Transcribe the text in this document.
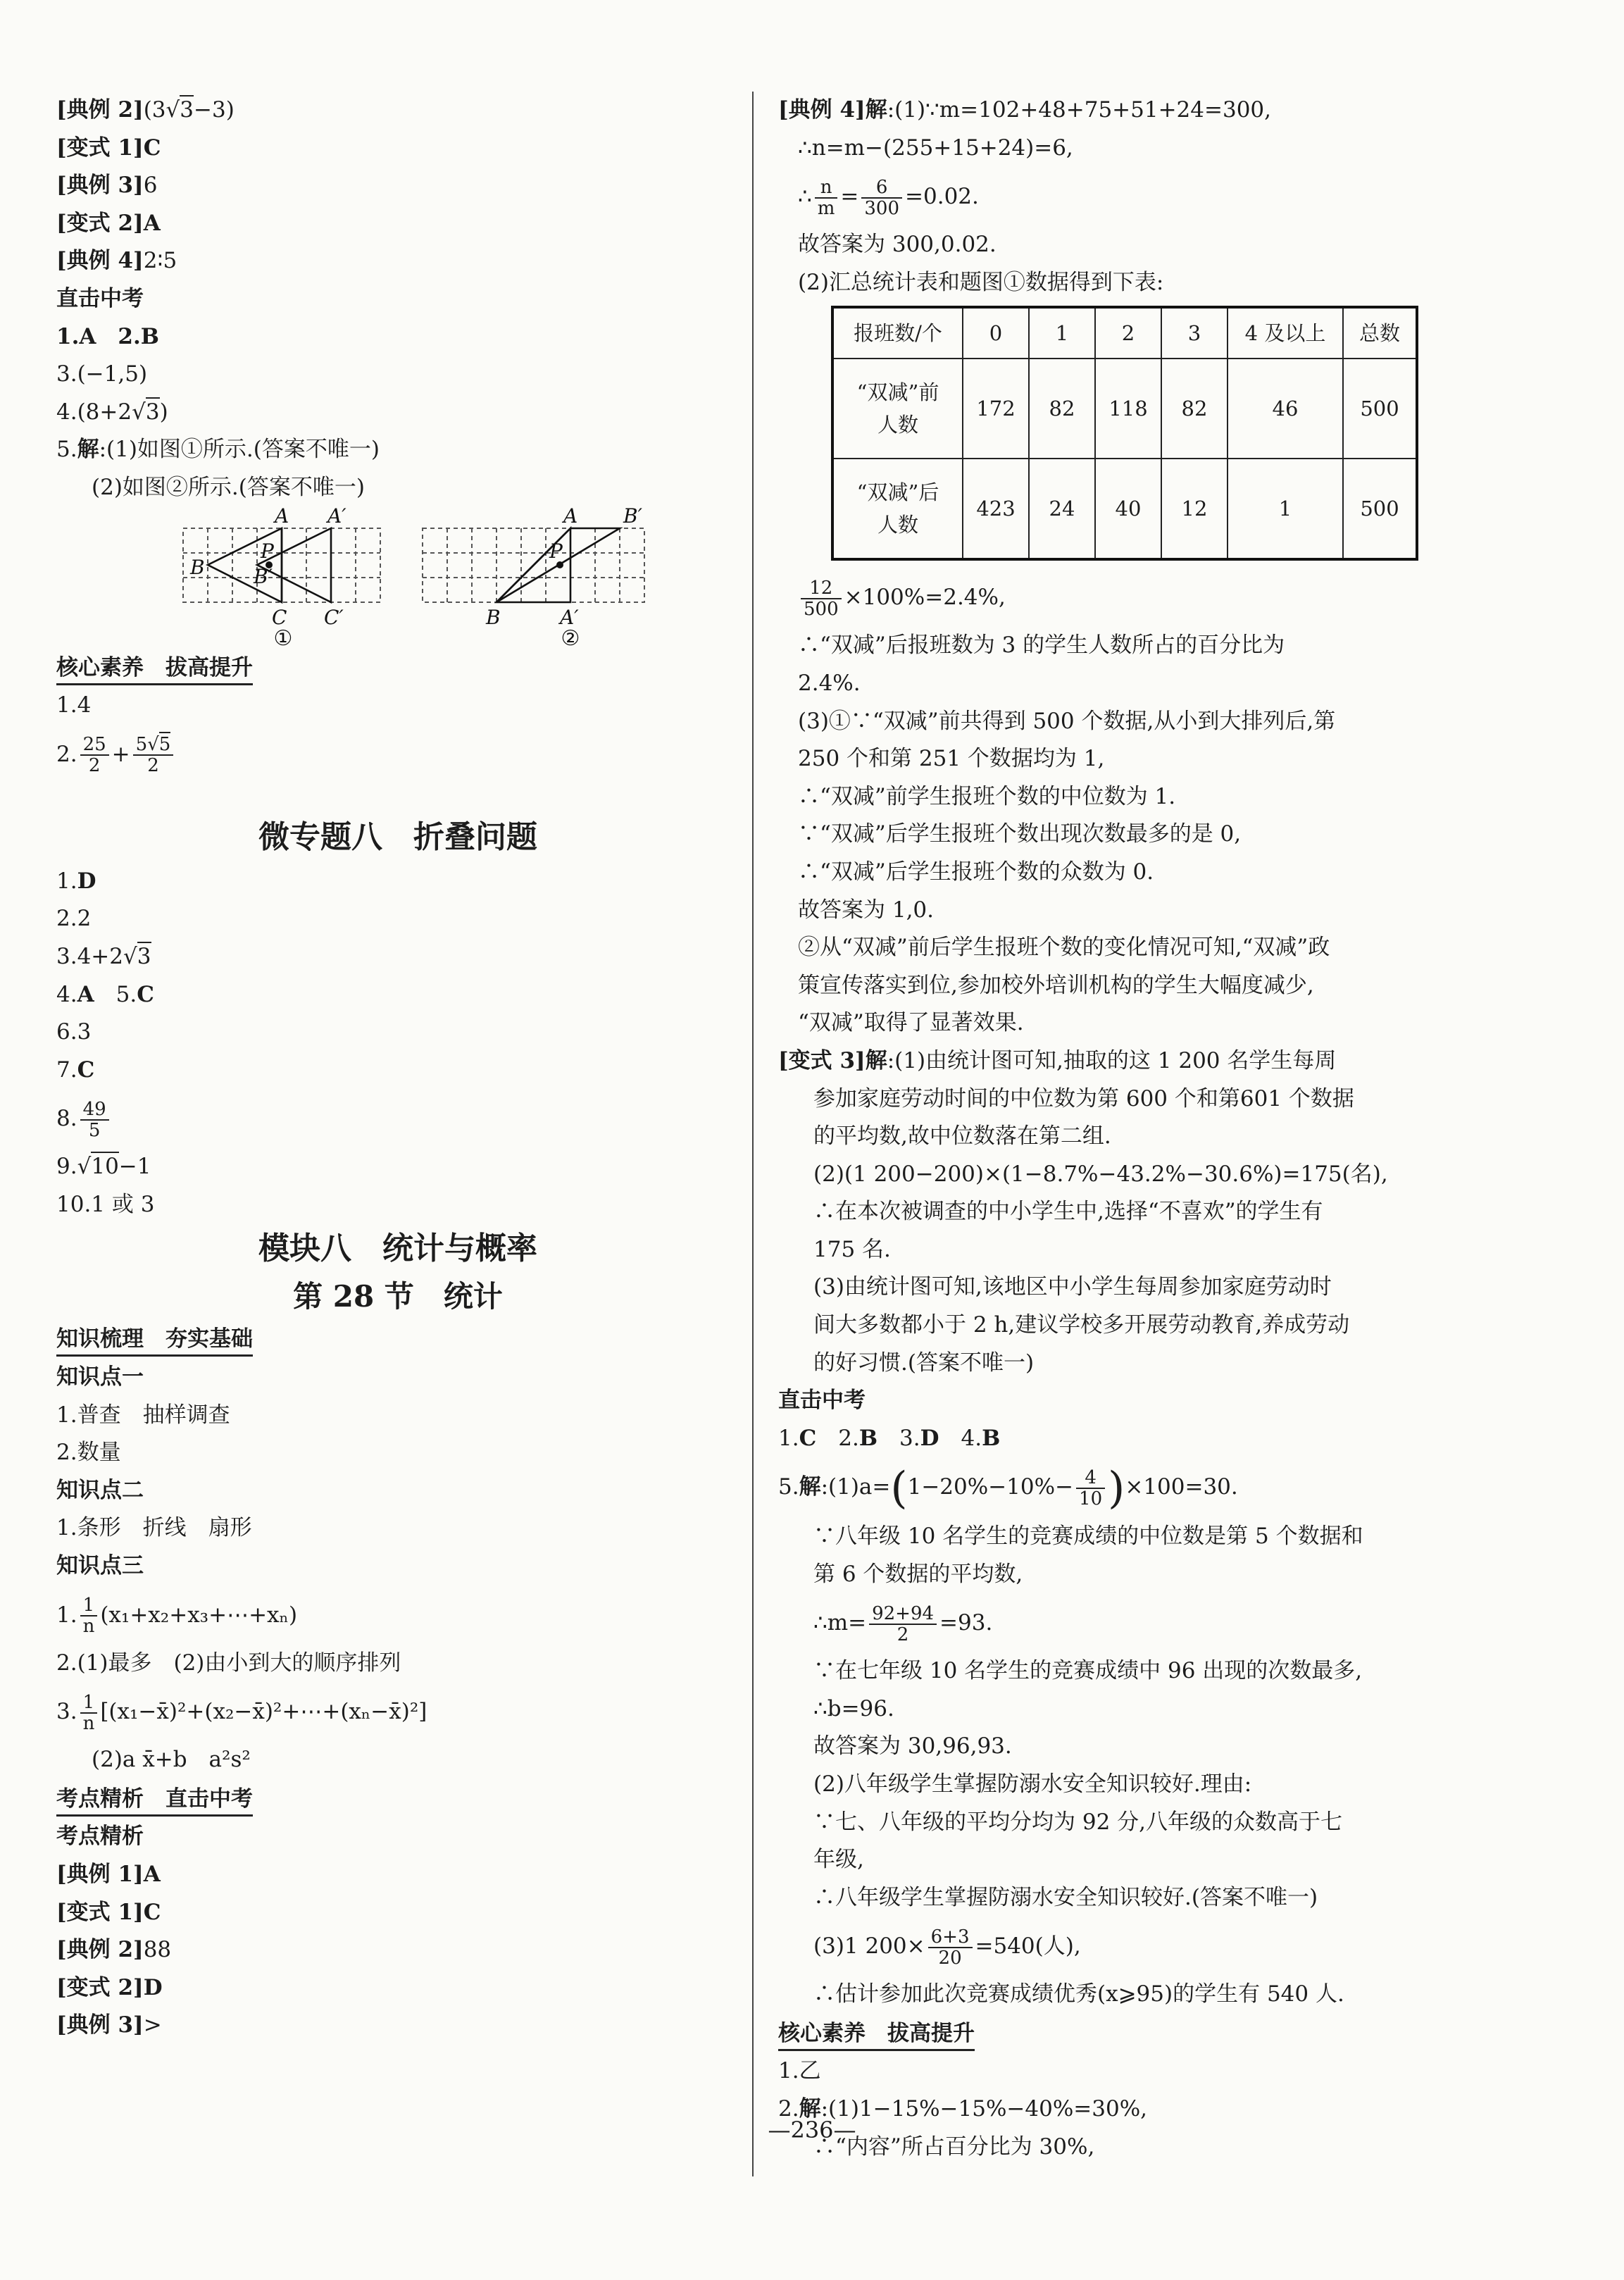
[典例 2](3√3−3)
[变式 1]C
[典例 3]6
[变式 2]A
[典例 4]2∶5
直击中考
1.A　2.B
3.(−1,5)
4.(8+2√3)
5.解:(1)如图①所示.(答案不唯一)
(2)如图②所示.(答案不唯一)
A A′
B
P
B′
C C′
①
A B′
P
B	A′
②
核心素养　拔高提升
1.4
2. $\frac{25}{2} + \frac{5√5}{2}$
微专题八　折叠问题
1.D
2.2
3.4+2√3
4.A　5.C
6.3
7.C
8. $\frac{49}{5}$
9.√10−1
10.1 或 3
模块八　统计与概率
第 28 节　统计
知识梳理　夯实基础
知识点一
1.普查　抽样调查
2.数量
知识点二
1.条形　折线　扇形
知识点三
1. $\frac{1}{n}$ (x₁+x₂+x₃+⋯+xₙ)
2.(1)最多　(2)由小到大的顺序排列
3. $\frac{1}{n}$ [(x₁−x̄)²+(x₂−x̄)²+⋯+(xₙ−x̄)²]
(2)a x̄+b　a²s²
考点精析　直击中考
考点精析
[典例 1]A
[变式 1]C
[典例 2]88
[变式 2]D
[典例 3]>
[典例 4]解:(1)∵m=102+48+75+51+24=300,
∴n=m−(255+15+24)=6,
∴ $\frac{n}{m} = \frac{6}{300} =0.02$.
故答案为 300,0.02.
(2)汇总统计表和题图①数据得到下表:
报班数/个	0	1	2	3	4 及以上	总数
“双减”前
人数	172	82	118	82	46	500
“双减”后
人数	423	24	40	12	1	500
$\frac{12}{500} \times 100\%=2.4\%$,
∴“双减”后报班数为 3 的学生人数所占的百分比为
2.4%.
(3)①∵“双减”前共得到 500 个数据,从小到大排列后,第
250 个和第 251 个数据均为 1,
∴“双减”前学生报班个数的中位数为 1.
∵“双减”后学生报班个数出现次数最多的是 0,
∴“双减”后学生报班个数的众数为 0.
故答案为 1,0.
②从“双减”前后学生报班个数的变化情况可知,“双减”政
策宣传落实到位,参加校外培训机构的学生大幅度减少,
“双减”取得了显著效果.
[变式 3]解:(1)由统计图可知,抽取的这 1 200 名学生每周
参加家庭劳动时间的中位数为第 600 个和第601 个数据
的平均数,故中位数落在第二组.
(2)(1 200−200)×(1−8.7%−43.2%−30.6%)=175(名),
∴在本次被调查的中小学生中,选择“不喜欢”的学生有
175 名.
(3)由统计图可知,该地区中小学生每周参加家庭劳动时
间大多数都小于 2 h,建议学校多开展劳动教育,养成劳动
的好习惯.(答案不唯一)
直击中考
1.C　2.B　3.D　4.B
5.解:(1)a=(1−20%−10%− $\frac{4}{10} )\times 100=30$.
∵八年级 10 名学生的竞赛成绩的中位数是第 5 个数据和
第 6 个数据的平均数,
∴m= $\frac{92+94}{2} =93$.
∵在七年级 10 名学生的竞赛成绩中 96 出现的次数最多,
∴b=96.
故答案为 30,96,93.
(2)八年级学生掌握防溺水安全知识较好.理由:
∵七、八年级的平均分均为 92 分,八年级的众数高于七
年级,
∴八年级学生掌握防溺水安全知识较好.(答案不唯一)
(3)1 $200\times \frac{6+3}{20} =540$(人),
∴估计参加此次竞赛成绩优秀(x⩾95)的学生有 540 人.
核心素养　拔高提升
1.乙
2.解:(1)1−15%−15%−40%=30%,
∴“内容”所占百分比为 30%,
—236—
